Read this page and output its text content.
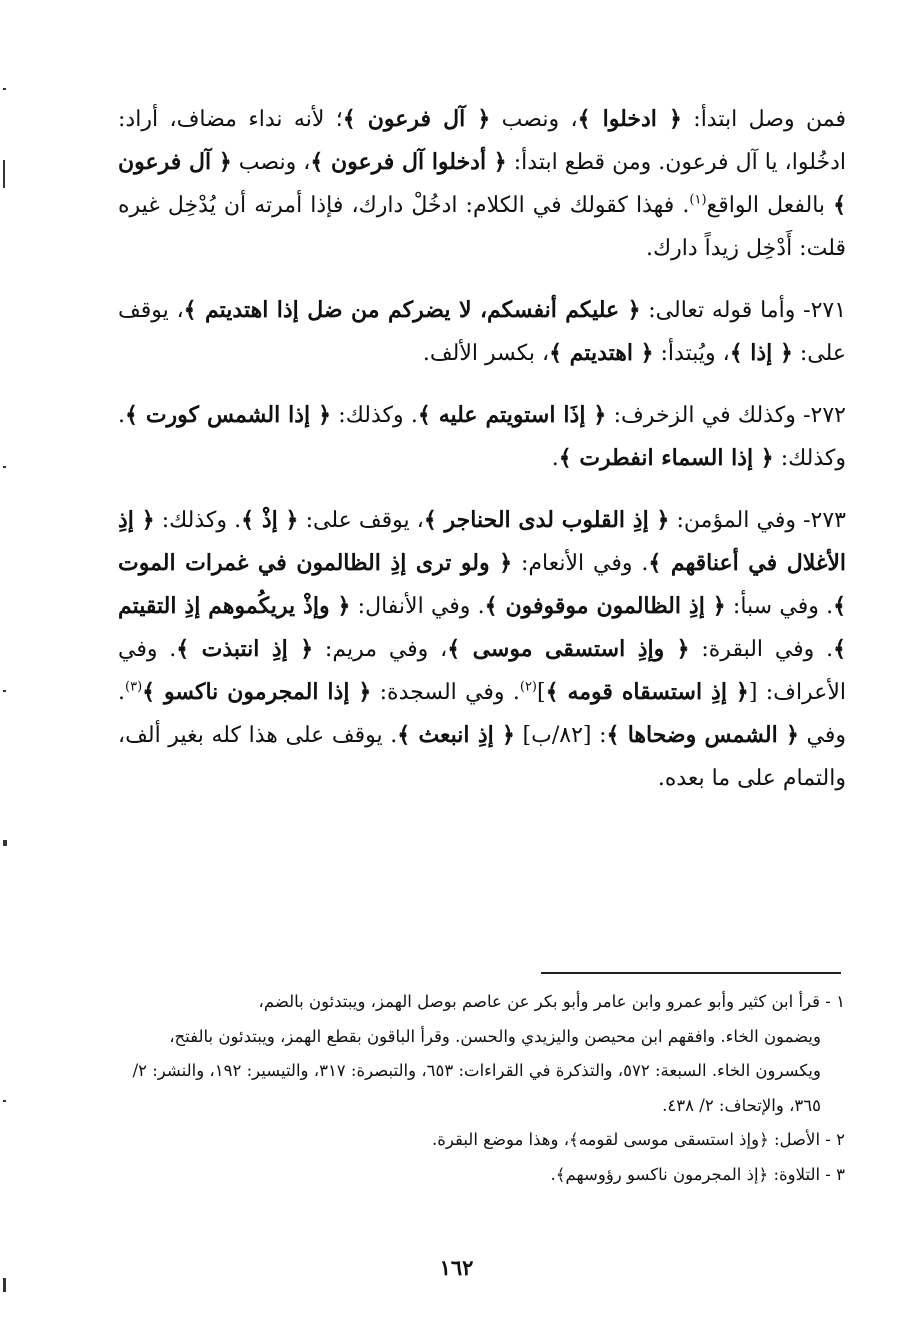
فمن وصل ابتدأ: ﴿ ادخلوا ﴾، ونصب ﴿ آل فرعون ﴾؛ لأنه نداء مضاف، أراد: ادخُلوا، يا آل فرعون. ومن قطع ابتدأ: ﴿ أدخلوا آل فرعون ﴾، ونصب ﴿ آل فرعون ﴾ بالفعل الواقع$^{(١)}$. فهذا كقولك في الكلام: ادخُلْ دارك، فإذا أمرته أن يُدْخِل غيره قلت: أَدْخِل زيداً دارك.

٢٧١- وأما قوله تعالى: ﴿ عليكم أنفسكم، لا يضركم من ضل إذا اهتديتم ﴾، يوقف على: ﴿ إذا ﴾، ويُبتدأ: ﴿ اهتديتم ﴾، بكسر الألف.

٢٧٢- وكذلك في الزخرف: ﴿ إذَا استويتم عليه ﴾. وكذلك: ﴿ إذا الشمس كورت ﴾. وكذلك: ﴿ إذا السماء انفطرت ﴾.

٢٧٣- وفي المؤمن: ﴿ إذِ القلوب لدى الحناجر ﴾، يوقف على: ﴿ إذْ ﴾. وكذلك: ﴿ إذِ الأغلال في أعناقهم ﴾. وفي الأنعام: ﴿ ولو ترى إذِ الظالمون في غمرات الموت ﴾. وفي سبأ: ﴿ إذِ الظالمون موقوفون ﴾. وفي الأنفال: ﴿ وإذْ يريكُموهم إذِ التقيتم ﴾. وفي البقرة: ﴿ وإذِ استسقى موسى ﴾، وفي مريم: ﴿ إذِ انتبذت ﴾. وفي الأعراف: [﴿ إذِ استسقاه قومه ﴾]$^{(٢)}$. وفي السجدة: ﴿ إذا المجرمون ناكسو ﴾$^{(٣)}$. وفي ﴿ الشمس وضحاها ﴾: [٨٢/ب] ﴿ إذِ انبعث ﴾. يوقف على هذا كله بغير ألف، والتمام على ما بعده.

١ - قرأ ابن كثير وأبو عمرو وابن عامر وأبو بكر عن عاصم بوصل الهمز، ويبتدئون بالضم،
ويضمون الخاء. وافقهم ابن محيصن واليزيدي والحسن. وقرأ الباقون بقطع الهمز، ويبتدئون بالفتح، ويكسرون الخاء. السبعة: ٥٧٢، والتذكرة في القراءات: ٦٥٣، والتبصرة: ٣١٧، والتيسير: ١٩٢، والنشر: ٢/ ٣٦٥، والإتحاف: ٢/ ٤٣٨.
٢ - الأصل: ﴿وإذ استسقى موسى لقومه﴾، وهذا موضع البقرة.
٣ - التلاوة: ﴿إذ المجرمون ناكسو رؤوسهم﴾.
١٦٢
